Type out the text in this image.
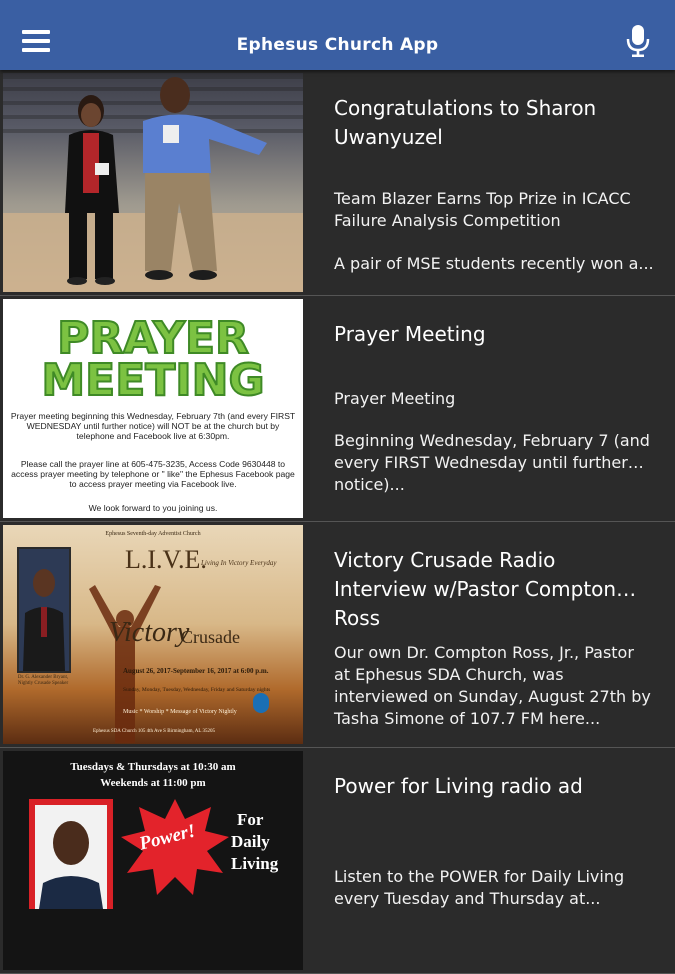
Ephesus Church App
Congratulations to Sharon Uwanyuzel
Team Blazer Earns Top Prize in ICACC Failure Analysis Competition
A pair of MSE students recently won a...
PRAYER
MEETING
Prayer meeting beginning this Wednesday, February 7th (and every FIRST WEDNESDAY until further notice) will NOT be at the church but by telephone and Facebook live at 6:30pm.
Please call the prayer line at 605-475-3235, Access Code 9630448 to access prayer meeting by telephone or " like" the Ephesus Facebook page to access prayer meeting via Facebook live.
We look forward to you joining us.
Prayer Meeting
Prayer Meeting
Beginning Wednesday, February 7 (and every FIRST Wednesday until further notice)...
Ephesus Seventh-day Adventist Church
Dr. G. Alexander Bryant, Nightly Crusade Speaker
L.I.V.E.
Living In Victory Everyday
Victory
Crusade
August 26, 2017-September 16, 2017 at 6:00 p.m.
Sunday, Monday, Tuesday, Wednesday, Friday and Saturday nights
Music * Worship * Message of Victory Nightly
Ephesus SDA Church 105 4th Ave S Birmingham, AL 35205
Victory Crusade Radio Interview w/Pastor Compton Ross
Our own Dr. Compton Ross, Jr., Pastor at Ephesus SDA Church, was interviewed on Sunday, August 27th by Tasha Simone of 107.7 FM here...
Tuesdays & Thursdays at 10:30 am
Weekends at 11:00 pm
Power!
For
Daily
Living
Power for Living radio ad
Listen to the POWER for Daily Living every Tuesday and Thursday at...
